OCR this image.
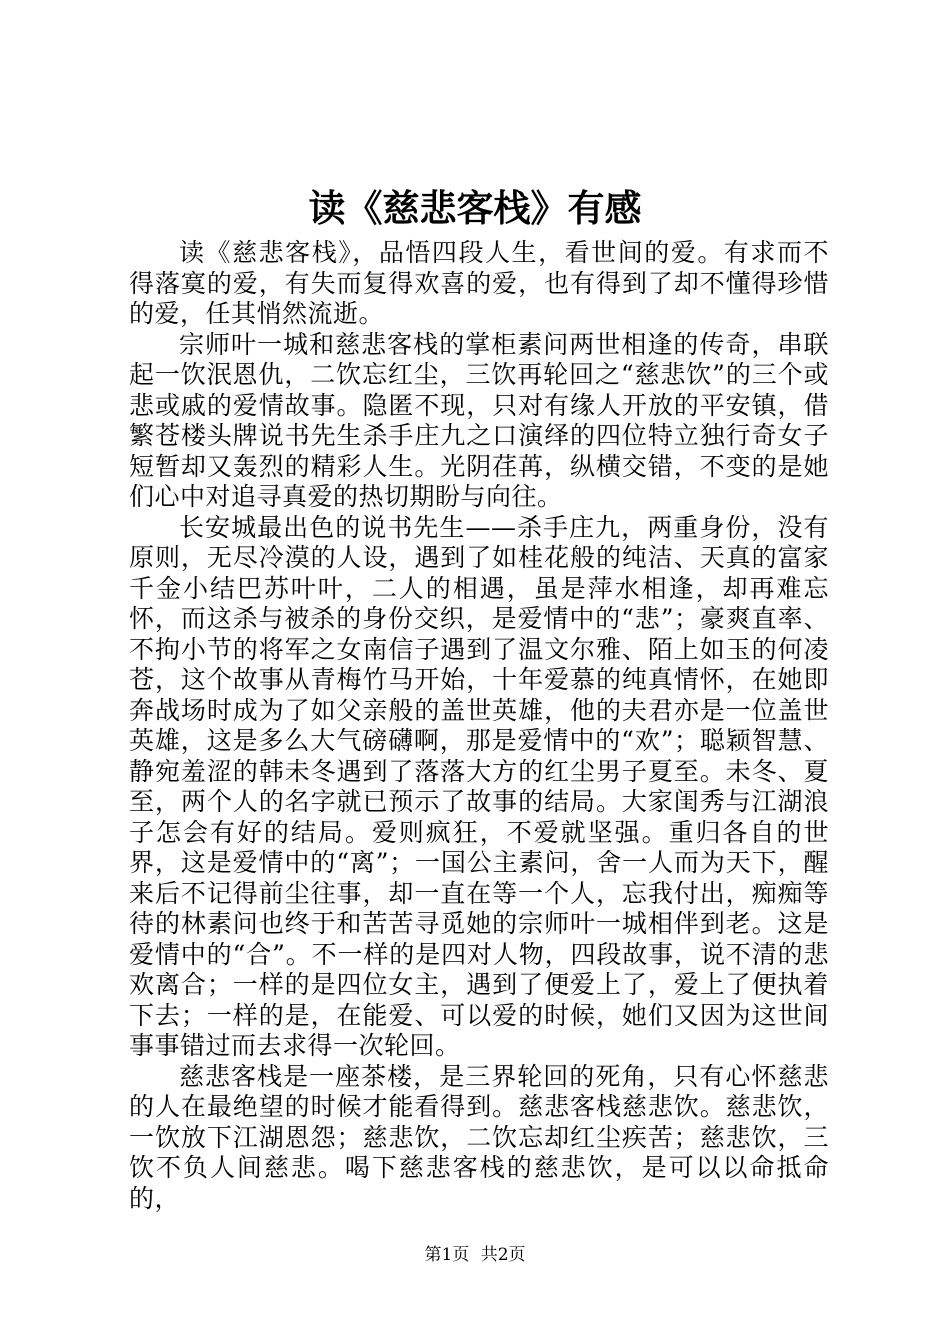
读《慈悲客栈》有感

读《慈悲客栈》，品悟四段人生，看世间的爱。有求而不得落寞的爱，有失而复得欢喜的爱，也有得到了却不懂得珍惜的爱，任其悄然流逝。

宗师叶一城和慈悲客栈的掌柜素问两世相逢的传奇，串联起一饮泯恩仇，二饮忘红尘，三饮再轮回之“慈悲饮”的三个或悲或戚的爱情故事。隐匿不现，只对有缘人开放的平安镇，借繁苍楼头牌说书先生杀手庄九之口演绎的四位特立独行奇女子短暂却又轰烈的精彩人生。光阴荏苒，纵横交错，不变的是她们心中对追寻真爱的热切期盼与向往。

长安城最出色的说书先生——杀手庄九，两重身份，没有原则，无尽冷漠的人设，遇到了如桂花般的纯洁、天真的富家千金小结巴苏叶叶，二人的相遇，虽是萍水相逢，却再难忘怀，而这杀与被杀的身份交织，是爱情中的“悲”；豪爽直率、不拘小节的将军之女南信子遇到了温文尔雅、陌上如玉的何凌苍，这个故事从青梅竹马开始，十年爱慕的纯真情怀，在她即奔战场时成为了如父亲般的盖世英雄，他的夫君亦是一位盖世英雄，这是多么大气磅礴啊，那是爱情中的“欢”；聪颖智慧、静宛羞涩的韩未冬遇到了落落大方的红尘男子夏至。未冬、夏至，两个人的名字就已预示了故事的结局。大家闺秀与江湖浪子怎会有好的结局。爱则疯狂，不爱就坚强。重归各自的世界，这是爱情中的“离”；一国公主素问，舍一人而为天下，醒来后不记得前尘往事，却一直在等一个人，忘我付出，痴痴等待的林素问也终于和苦苦寻觅她的宗师叶一城相伴到老。这是爱情中的“合”。不一样的是四对人物，四段故事，说不清的悲欢离合；一样的是四位女主，遇到了便爱上了，爱上了便执着下去；一样的是，在能爱、可以爱的时候，她们又因为这世间事事错过而去求得一次轮回。

慈悲客栈是一座茶楼，是三界轮回的死角，只有心怀慈悲的人在最绝望的时候才能看得到。慈悲客栈慈悲饮。慈悲饮，一饮放下江湖恩怨；慈悲饮，二饮忘却红尘疾苦；慈悲饮，三饮不负人间慈悲。喝下慈悲客栈的慈悲饮，是可以以命抵命的，

第1页 共2页
